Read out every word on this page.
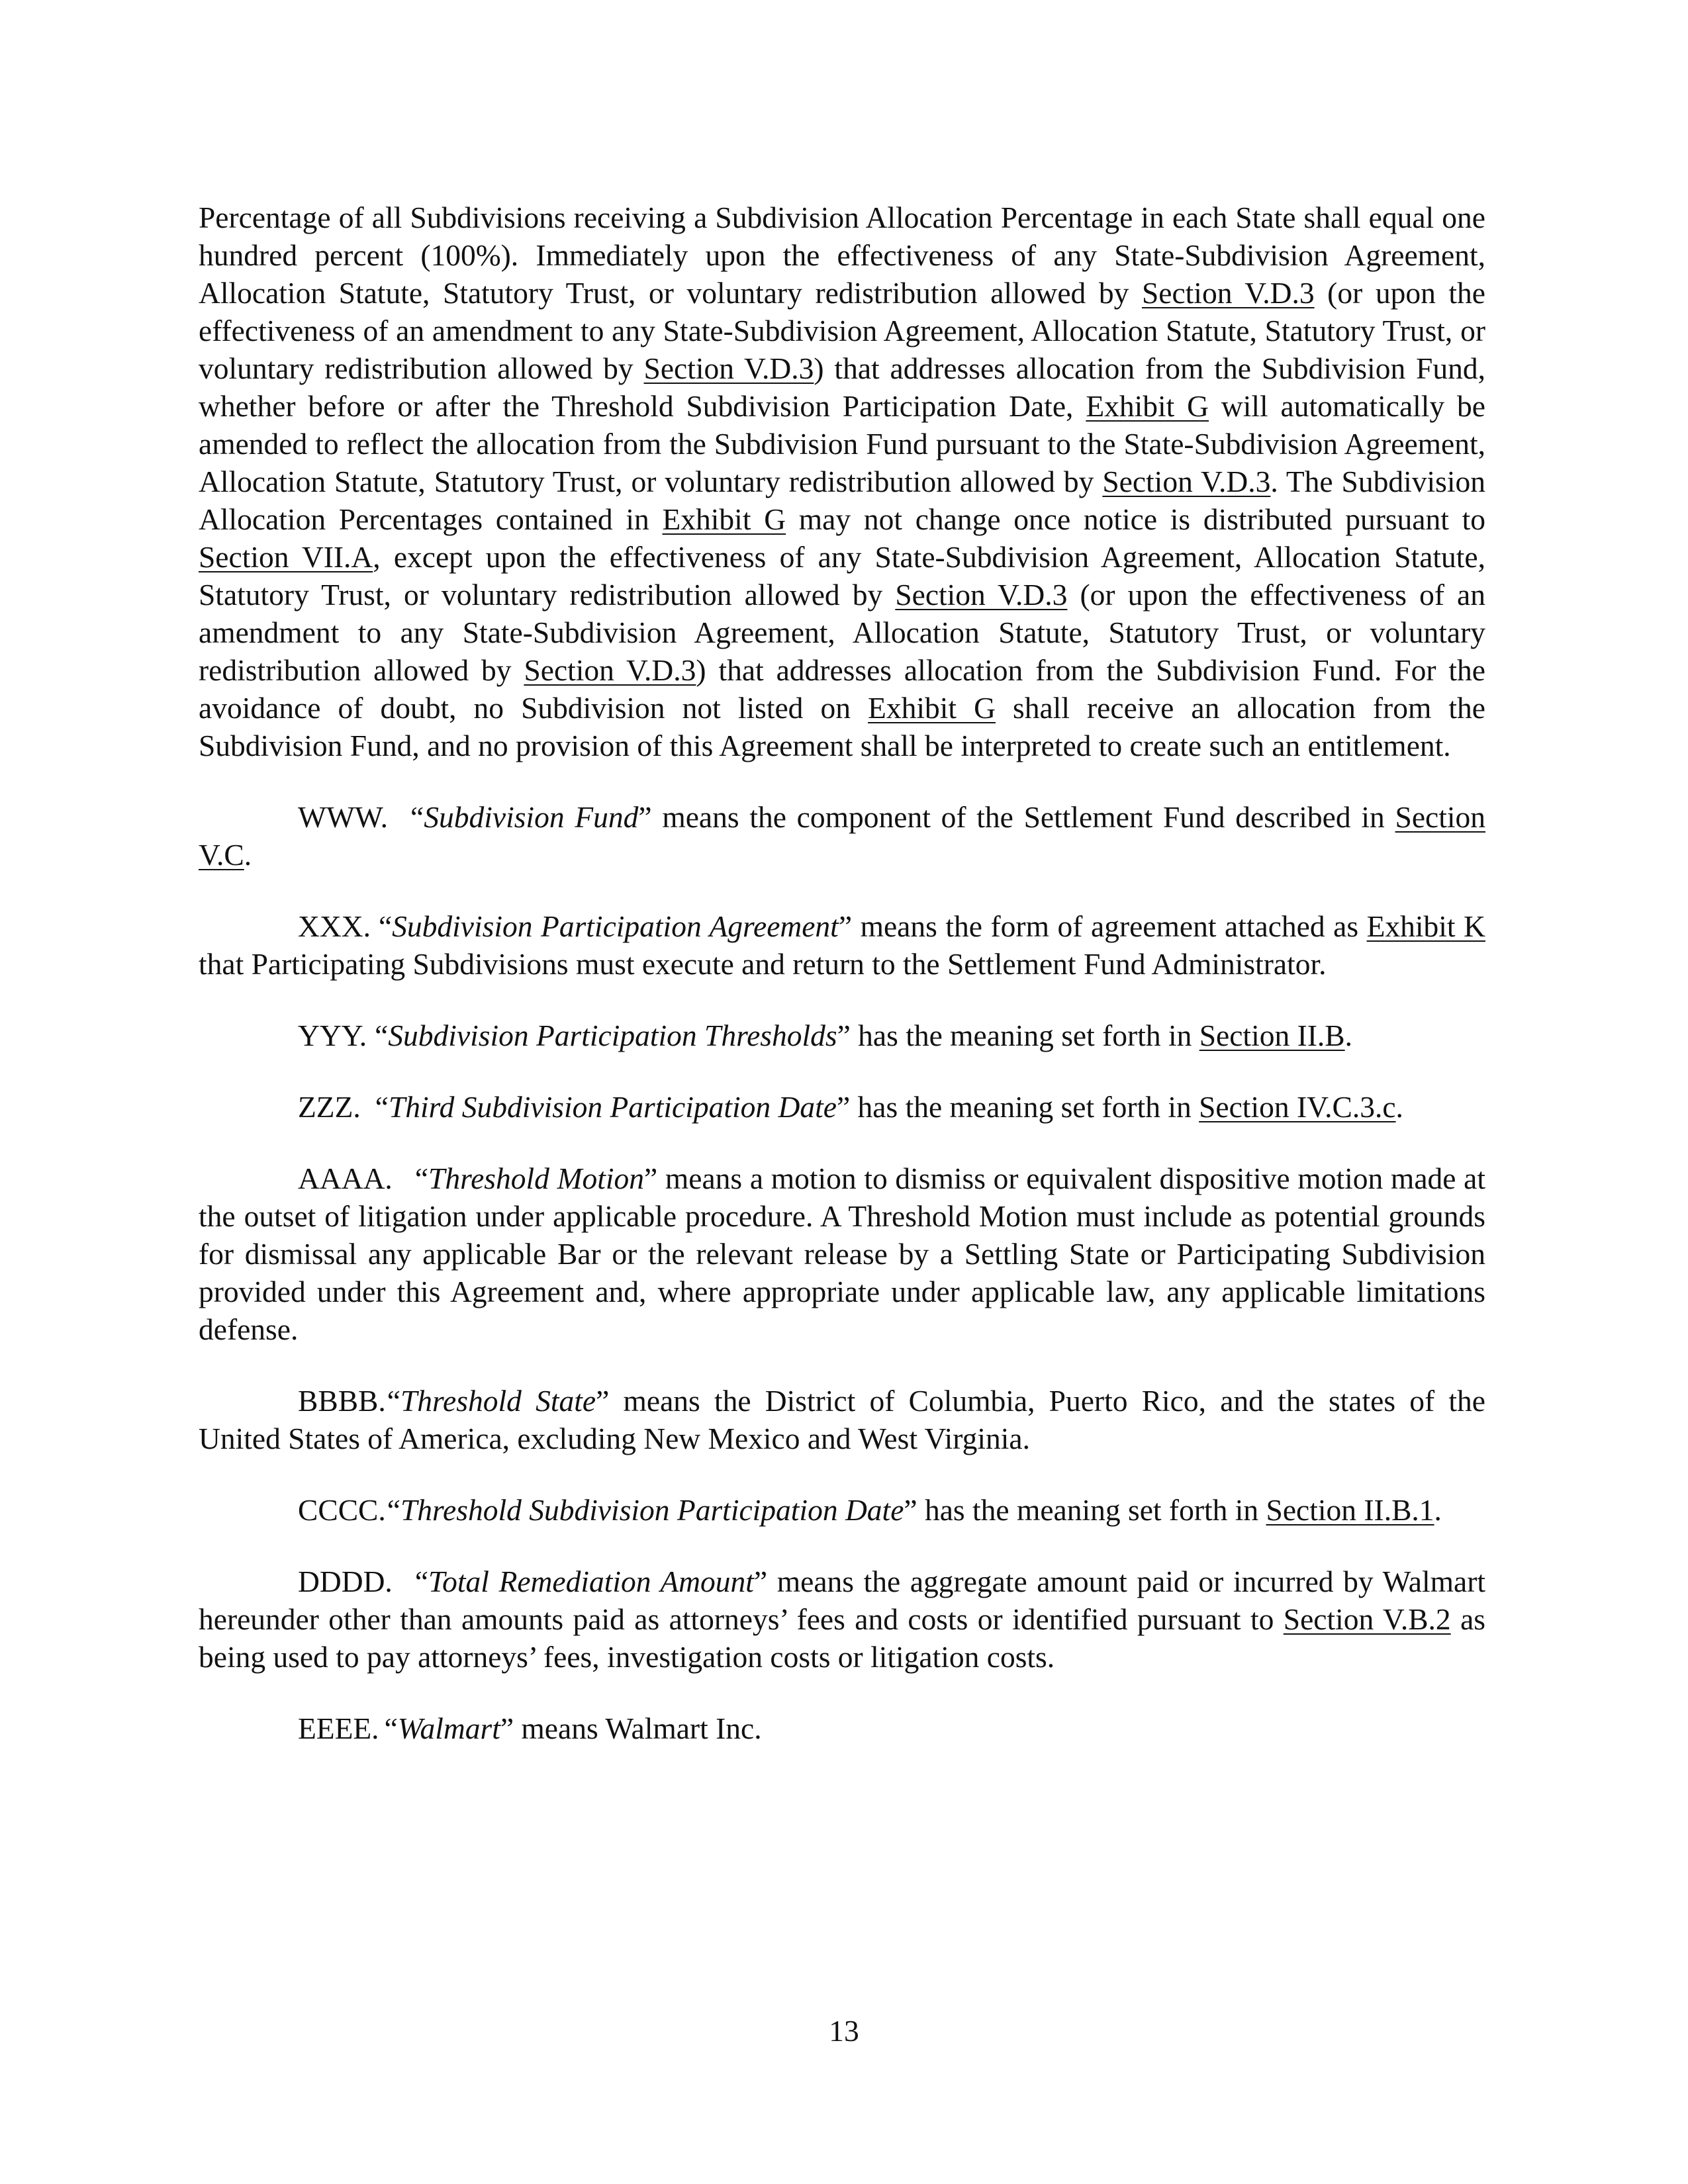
Percentage of all Subdivisions receiving a Subdivision Allocation Percentage in each State shall equal one hundred percent (100%). Immediately upon the effectiveness of any State-Subdivision Agreement, Allocation Statute, Statutory Trust, or voluntary redistribution allowed by Section V.D.3 (or upon the effectiveness of an amendment to any State-Subdivision Agreement, Allocation Statute, Statutory Trust, or voluntary redistribution allowed by Section V.D.3) that addresses allocation from the Subdivision Fund, whether before or after the Threshold Subdivision Participation Date, Exhibit G will automatically be amended to reflect the allocation from the Subdivision Fund pursuant to the State-Subdivision Agreement, Allocation Statute, Statutory Trust, or voluntary redistribution allowed by Section V.D.3. The Subdivision Allocation Percentages contained in Exhibit G may not change once notice is distributed pursuant to Section VII.A, except upon the effectiveness of any State-Subdivision Agreement, Allocation Statute, Statutory Trust, or voluntary redistribution allowed by Section V.D.3 (or upon the effectiveness of an amendment to any State-Subdivision Agreement, Allocation Statute, Statutory Trust, or voluntary redistribution allowed by Section V.D.3) that addresses allocation from the Subdivision Fund. For the avoidance of doubt, no Subdivision not listed on Exhibit G shall receive an allocation from the Subdivision Fund, and no provision of this Agreement shall be interpreted to create such an entitlement.

WWW. “Subdivision Fund” means the component of the Settlement Fund described in Section V.C.

XXX. “Subdivision Participation Agreement” means the form of agreement attached as Exhibit K that Participating Subdivisions must execute and return to the Settlement Fund Administrator.

YYY. “Subdivision Participation Thresholds” has the meaning set forth in Section II.B.

ZZZ. “Third Subdivision Participation Date” has the meaning set forth in Section IV.C.3.c.

AAAA. “Threshold Motion” means a motion to dismiss or equivalent dispositive motion made at the outset of litigation under applicable procedure. A Threshold Motion must include as potential grounds for dismissal any applicable Bar or the relevant release by a Settling State or Participating Subdivision provided under this Agreement and, where appropriate under applicable law, any applicable limitations defense.

BBBB.“Threshold State” means the District of Columbia, Puerto Rico, and the states of the United States of America, excluding New Mexico and West Virginia.

CCCC.“Threshold Subdivision Participation Date” has the meaning set forth in Section II.B.1.

DDDD. “Total Remediation Amount” means the aggregate amount paid or incurred by Walmart hereunder other than amounts paid as attorneys’ fees and costs or identified pursuant to Section V.B.2 as being used to pay attorneys’ fees, investigation costs or litigation costs.

EEEE. “Walmart” means Walmart Inc.

13
